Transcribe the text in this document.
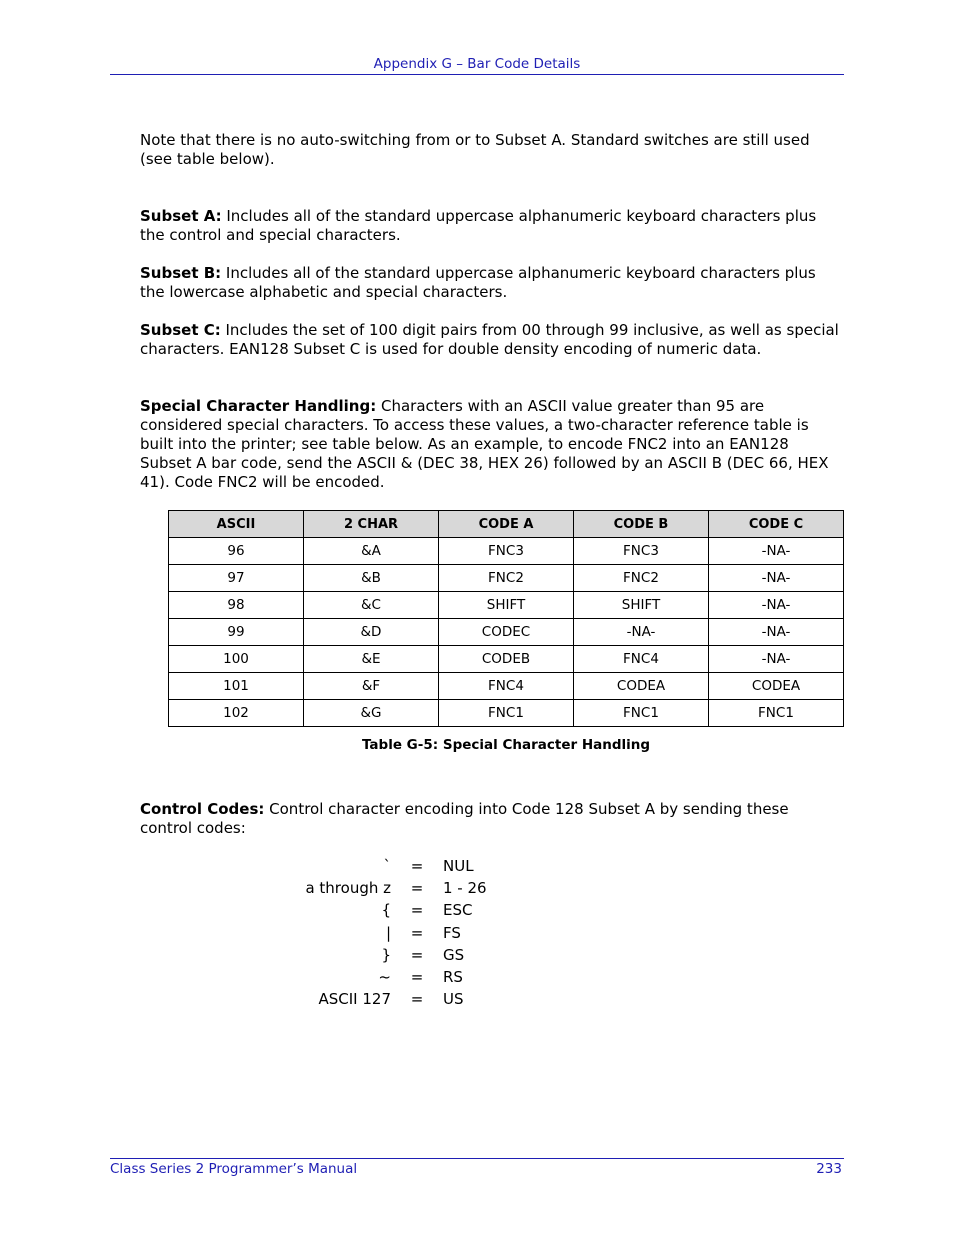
Appendix G – Bar Code Details

Note that there is no auto-switching from or to Subset A. Standard switches are still used (see table below).

Subset A: Includes all of the standard uppercase alphanumeric keyboard characters plus the control and special characters.

Subset B: Includes all of the standard uppercase alphanumeric keyboard characters plus the lowercase alphabetic and special characters.

Subset C: Includes the set of 100 digit pairs from 00 through 99 inclusive, as well as special characters. EAN128 Subset C is used for double density encoding of numeric data.

Special Character Handling: Characters with an ASCII value greater than 95 are considered special characters. To access these values, a two-character reference table is built into the printer; see table below. As an example, to encode FNC2 into an EAN128 Subset A bar code, send the ASCII & (DEC 38, HEX 26) followed by an ASCII B (DEC 66, HEX 41). Code FNC2 will be encoded.

ASCII	2 CHAR	CODE A	CODE B	CODE C
96	&A	FNC3	FNC3	-NA-
97	&B	FNC2	FNC2	-NA-
98	&C	SHIFT	SHIFT	-NA-
99	&D	CODEC	-NA-	-NA-
100	&E	CODEB	FNC4	-NA-
101	&F	FNC4	CODEA	CODEA
102	&G	FNC1	FNC1	FNC1
Table G-5: Special Character Handling

Control Codes: Control character encoding into Code 128 Subset A by sending these control codes:

`	=	NUL
a through z	=	1 - 26
{	=	ESC
|	=	FS
}	=	GS
~	=	RS
ASCII 127	=	US
Class Series 2 Programmer’s Manual	233
